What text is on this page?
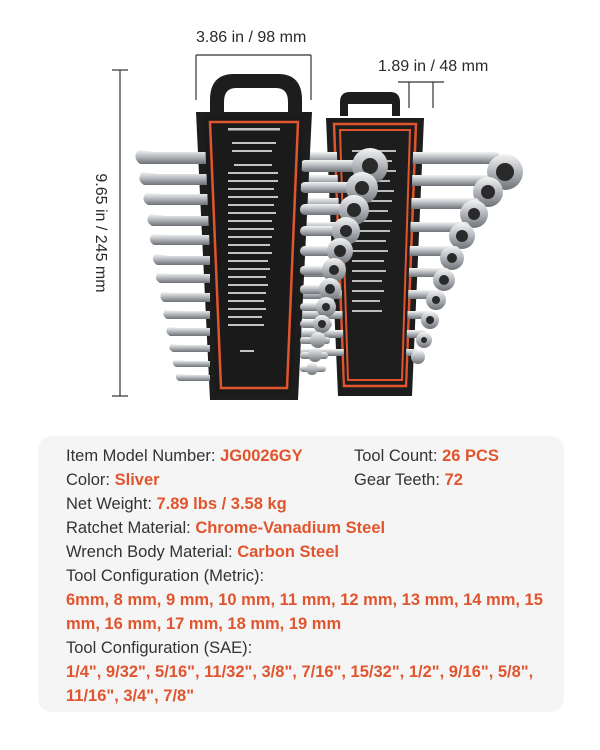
3.86 in / 98 mm
1.89 in / 48 mm
9.65 in / 245 mm
Item Model Number: JG0026GY	Tool Count: 26 PCS
Color: Sliver	Gear Teeth: 72
Net Weight: 7.89 lbs / 3.58 kg
Ratchet Material: Chrome-Vanadium Steel
Wrench Body Material: Carbon Steel
Tool Configuration (Metric):
6mm, 8 mm, 9 mm, 10 mm, 11 mm, 12 mm, 13 mm, 14 mm, 15 mm, 16 mm, 17 mm, 18 mm, 19 mm
Tool Configuration (SAE):
1/4", 9/32", 5/16", 11/32", 3/8", 7/16", 15/32", 1/2", 9/16", 5/8", 11/16", 3/4", 7/8"
